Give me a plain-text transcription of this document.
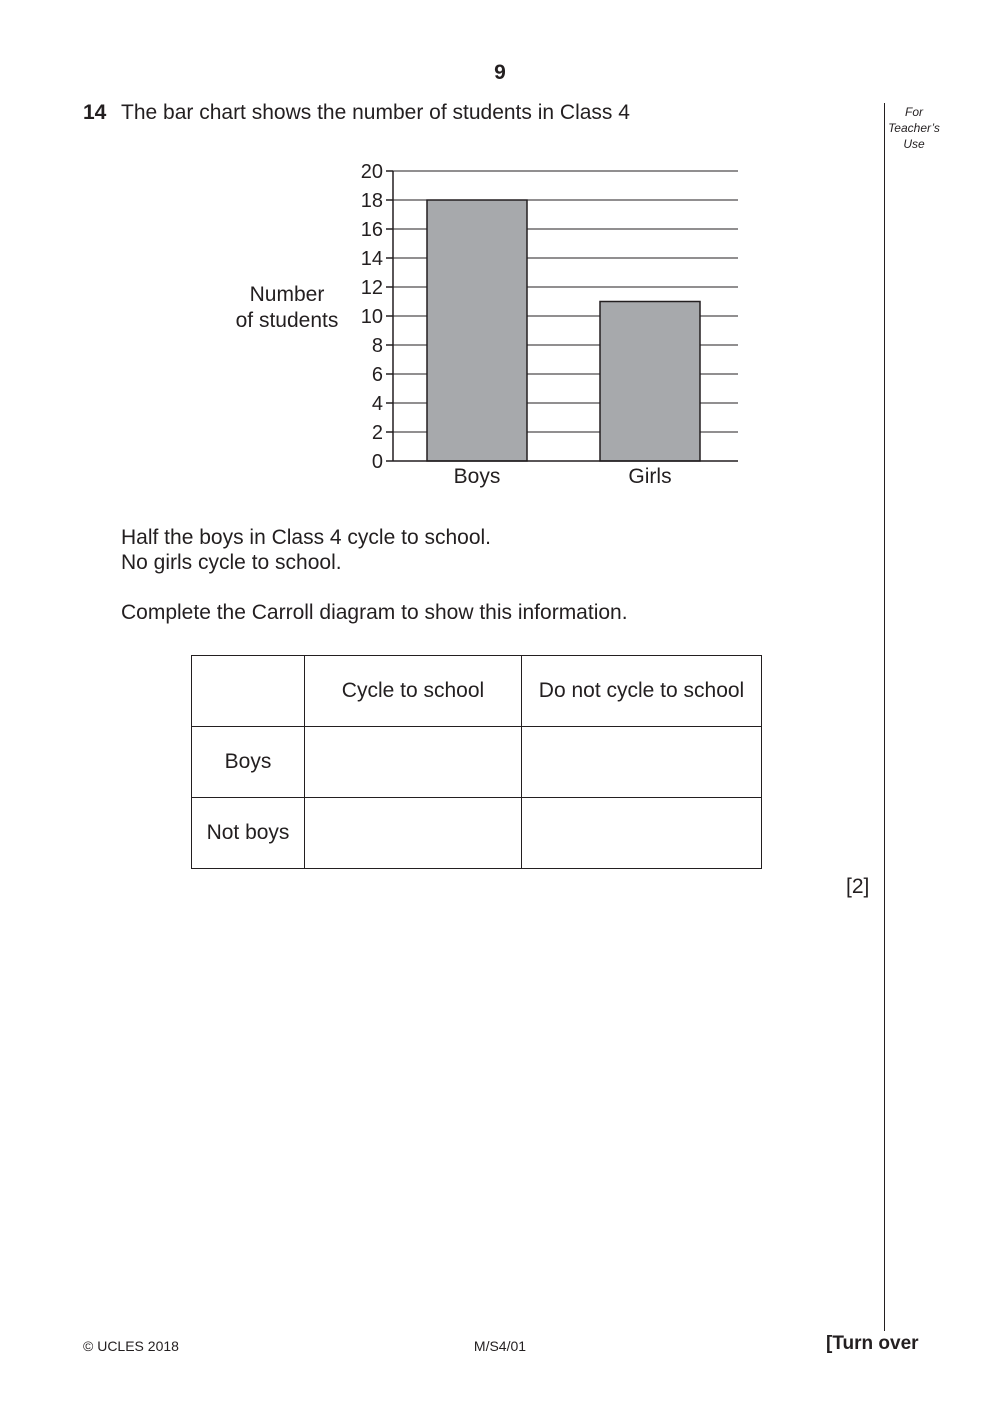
9
14 The bar chart shows the number of students in Class 4	For
Teacher’s
Use
0
2
4
6
8
10
12
14
16
18
20
Boys	Girls
Number
of students
Half the boys in Class 4 cycle to school.
No girls cycle to school.
Complete the Carroll diagram to show this information.
	Cycle to school	Do not cycle to school
Boys		
Not boys		
[2]
© UCLES 2018	M/S4/01	[Turn over
